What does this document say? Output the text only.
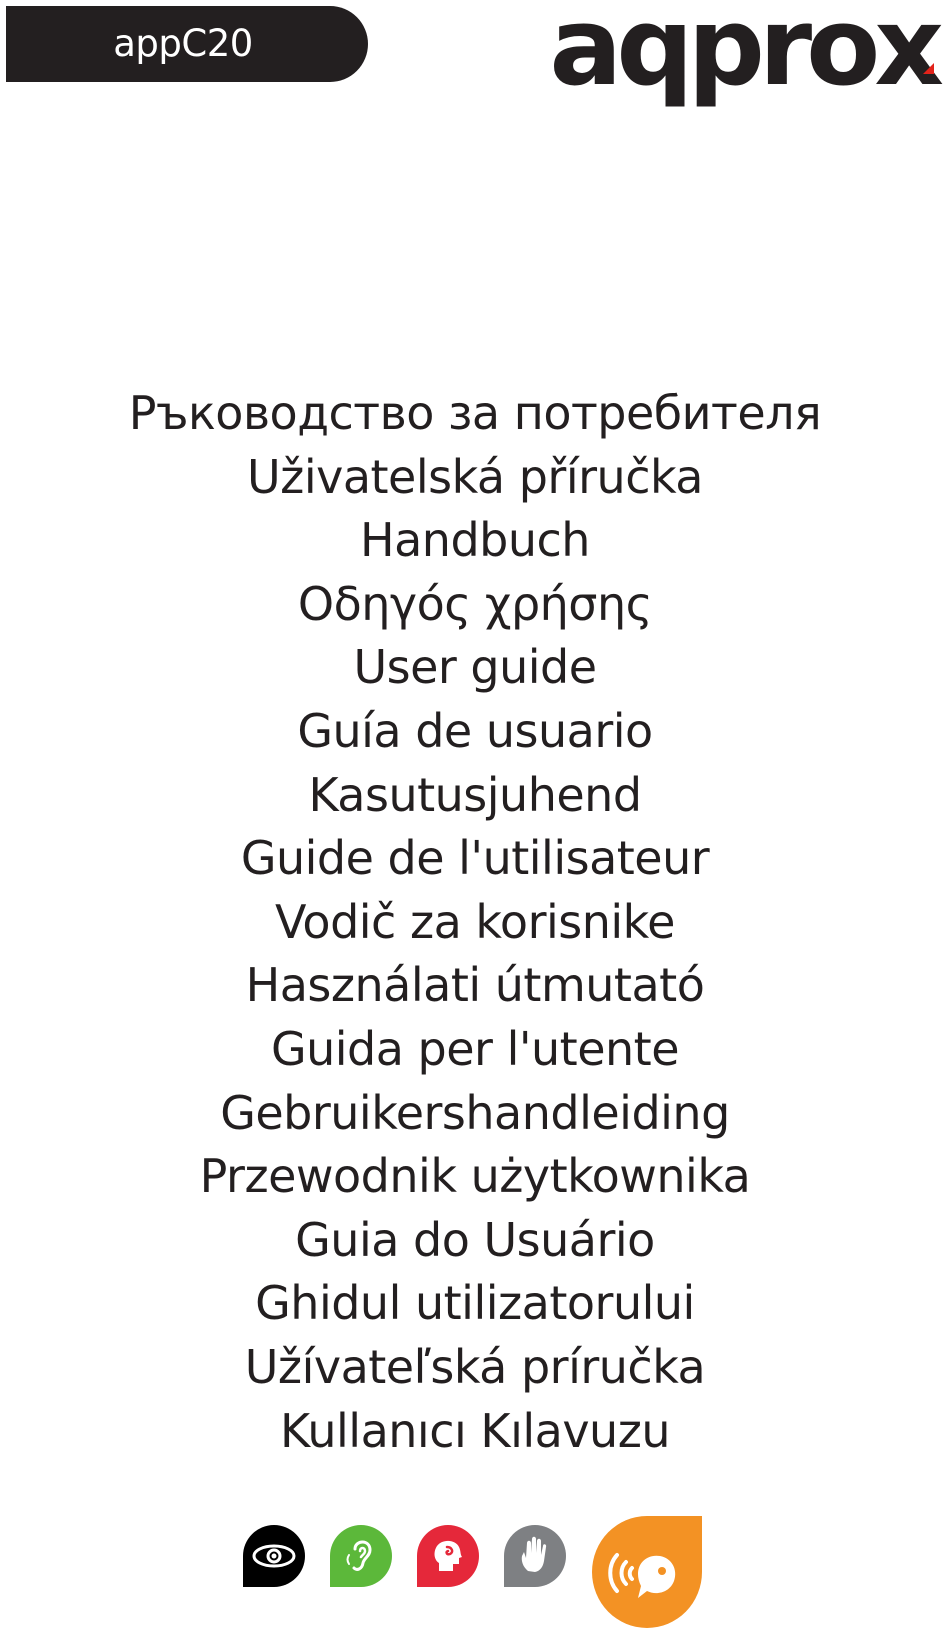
appC20	aqprox
Ръководство за потребителя
Uživatelská příručka
Handbuch
Οδηγός χρήσης
User guide
Guía de usuario
Kasutusjuhend
Guide de l'utilisateur
Vodič za korisnike
Használati útmutató
Guida per l'utente
Gebruikershandleiding
Przewodnik użytkownika
Guia do Usuário
Ghidul utilizatorului
Užívateľská príručka
Kullanıcı Kılavuzu
